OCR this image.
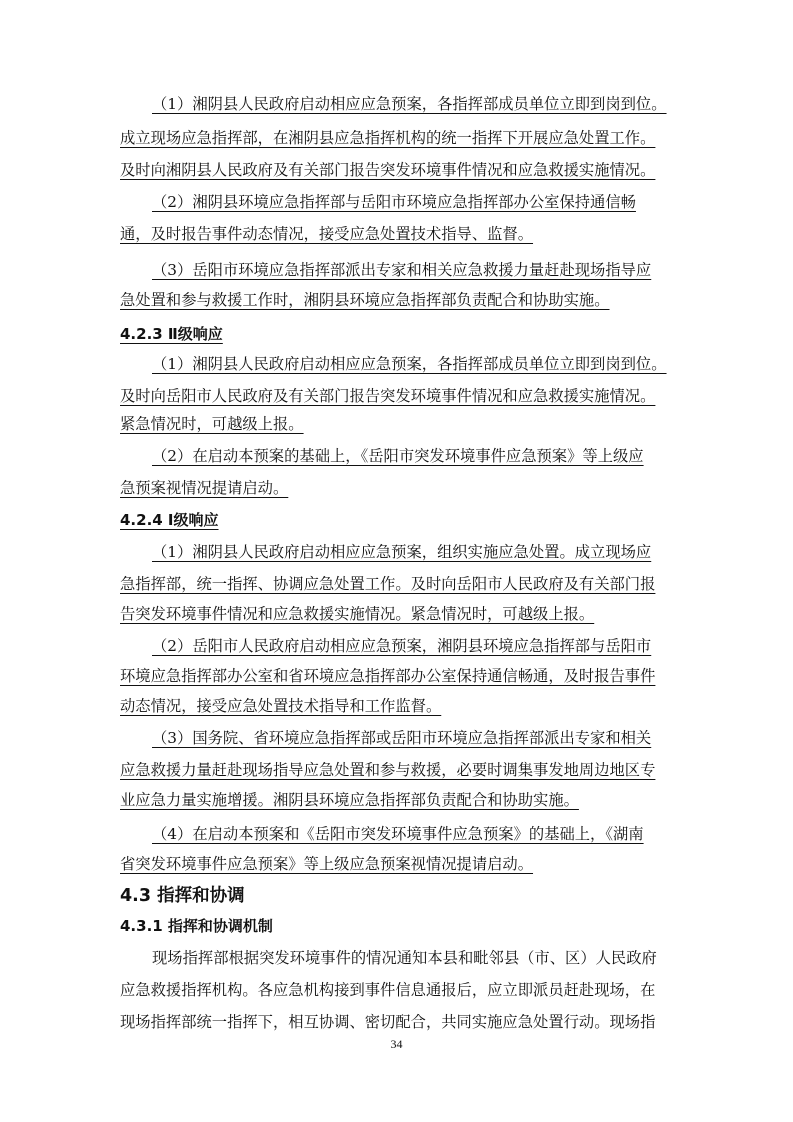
（1）湘阴县人民政府启动相应应急预案，各指挥部成员单位立即到岗到位。
成立现场应急指挥部，在湘阴县应急指挥机构的统一指挥下开展应急处置工作。
及时向湘阴县人民政府及有关部门报告突发环境事件情况和应急救援实施情况。
（2）湘阴县环境应急指挥部与岳阳市环境应急指挥部办公室保持通信畅
通，及时报告事件动态情况，接受应急处置技术指导、监督。
（3）岳阳市环境应急指挥部派出专家和相关应急救援力量赶赴现场指导应
急处置和参与救援工作时，湘阴县环境应急指挥部负责配合和协助实施。
4.2.3 Ⅱ级响应
（1）湘阴县人民政府启动相应应急预案，各指挥部成员单位立即到岗到位。
及时向岳阳市人民政府及有关部门报告突发环境事件情况和应急救援实施情况。
紧急情况时，可越级上报。
（2）在启动本预案的基础上，《岳阳市突发环境事件应急预案》等上级应
急预案视情况提请启动。
4.2.4 Ⅰ级响应
（1）湘阴县人民政府启动相应应急预案，组织实施应急处置。成立现场应
急指挥部，统一指挥、协调应急处置工作。及时向岳阳市人民政府及有关部门报
告突发环境事件情况和应急救援实施情况。紧急情况时，可越级上报。
（2）岳阳市人民政府启动相应应急预案，湘阴县环境应急指挥部与岳阳市
环境应急指挥部办公室和省环境应急指挥部办公室保持通信畅通，及时报告事件
动态情况，接受应急处置技术指导和工作监督。
（3）国务院、省环境应急指挥部或岳阳市环境应急指挥部派出专家和相关
应急救援力量赶赴现场指导应急处置和参与救援，必要时调集事发地周边地区专
业应急力量实施增援。湘阴县环境应急指挥部负责配合和协助实施。
（4）在启动本预案和《岳阳市突发环境事件应急预案》的基础上，《湖南
省突发环境事件应急预案》等上级应急预案视情况提请启动。
4.3 指挥和协调
4.3.1 指挥和协调机制
现场指挥部根据突发环境事件的情况通知本县和毗邻县（市、区）人民政府
应急救援指挥机构。各应急机构接到事件信息通报后，应立即派员赶赴现场，在
现场指挥部统一指挥下，相互协调、密切配合，共同实施应急处置行动。现场指
34
